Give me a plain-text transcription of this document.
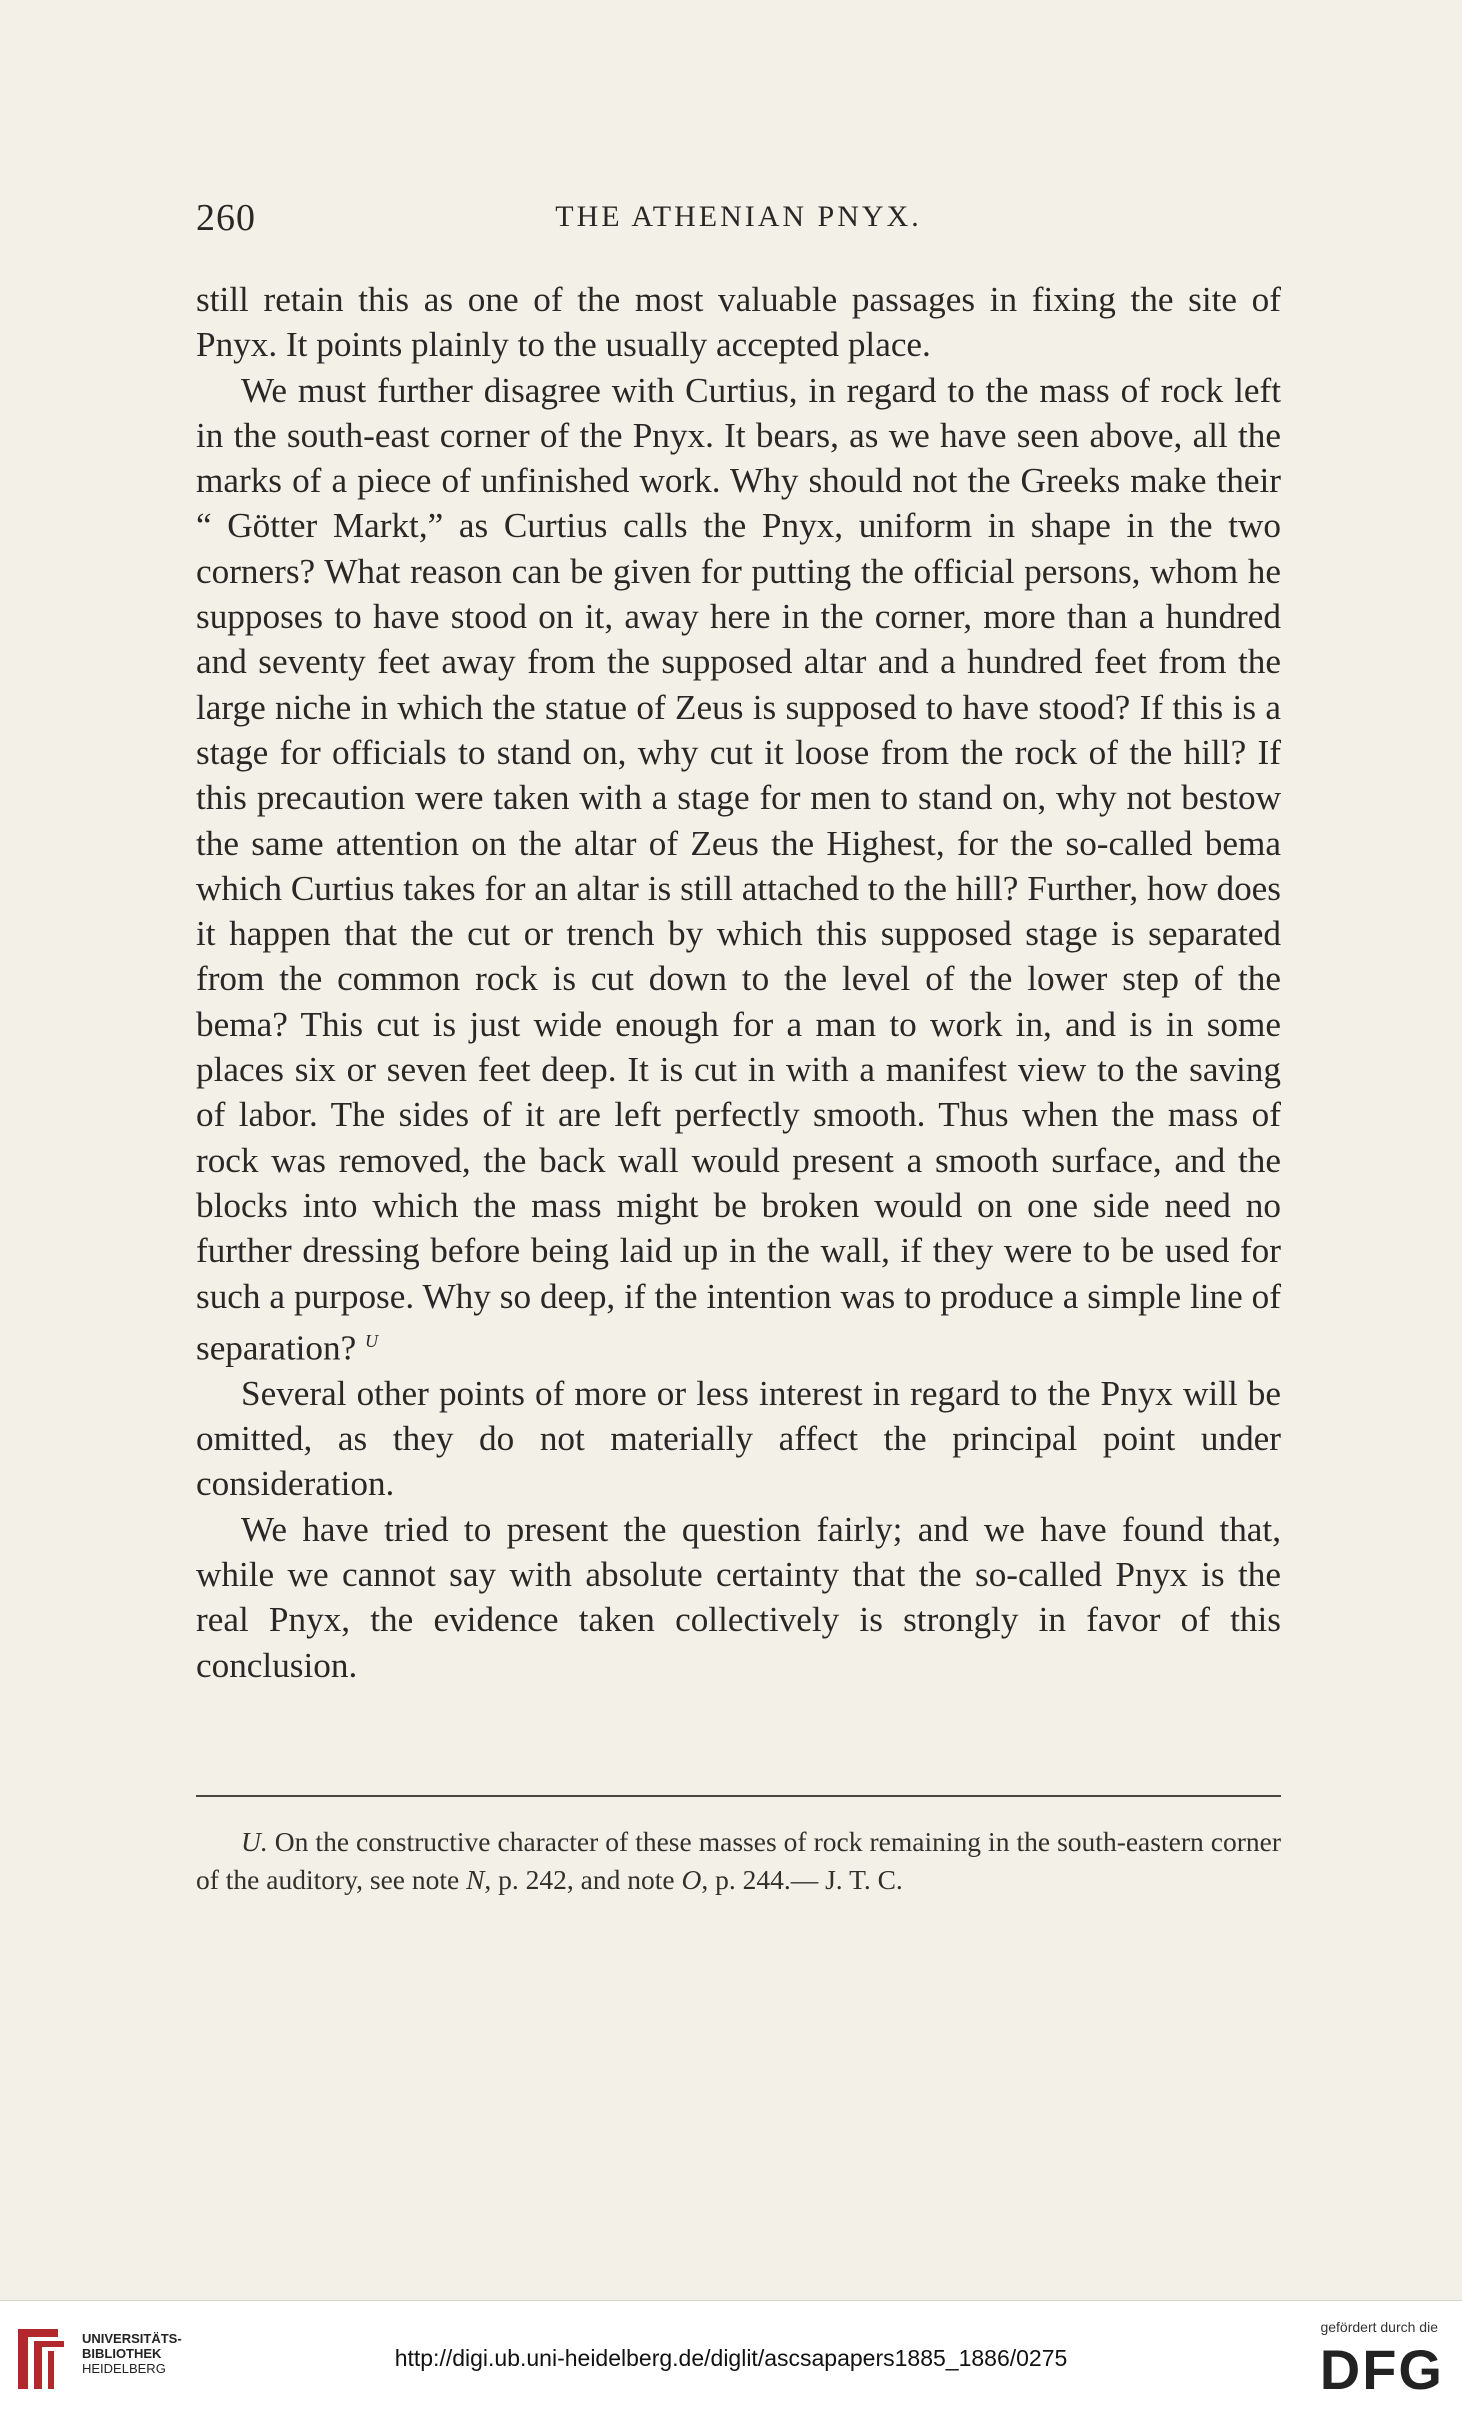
260	THE ATHENIAN PNYX.

still retain this as one of the most valuable passages in fixing the site of Pnyx. It points plainly to the usually accepted place.

We must further disagree with Curtius, in regard to the mass of rock left in the south-east corner of the Pnyx. It bears, as we have seen above, all the marks of a piece of unfinished work. Why should not the Greeks make their “ Götter Markt,” as Curtius calls the Pnyx, uniform in shape in the two corners? What reason can be given for putting the official persons, whom he supposes to have stood on it, away here in the corner, more than a hundred and seventy feet away from the supposed altar and a hundred feet from the large niche in which the statue of Zeus is supposed to have stood? If this is a stage for officials to stand on, why cut it loose from the rock of the hill? If this precaution were taken with a stage for men to stand on, why not bestow the same attention on the altar of Zeus the Highest, for the so-called bema which Curtius takes for an altar is still attached to the hill? Further, how does it happen that the cut or trench by which this supposed stage is separated from the common rock is cut down to the level of the lower step of the bema? This cut is just wide enough for a man to work in, and is in some places six or seven feet deep. It is cut in with a manifest view to the saving of labor. The sides of it are left perfectly smooth. Thus when the mass of rock was removed, the back wall would present a smooth surface, and the blocks into which the mass might be broken would on one side need no further dressing before being laid up in the wall, if they were to be used for such a purpose. Why so deep, if the intention was to produce a simple line of separation? $^U$

Several other points of more or less interest in regard to the Pnyx will be omitted, as they do not materially affect the principal point under consideration.

We have tried to present the question fairly; and we have found that, while we cannot say with absolute certainty that the so-called Pnyx is the real Pnyx, the evidence taken collectively is strongly in favor of this conclusion.

U. On the constructive character of these masses of rock remaining in the south-eastern corner of the auditory, see note N, p. 242, and note O, p. 244.— J. T. C.

UNIVERSITÄTS-
BIBLIOTHEK
HEIDELBERG	http://digi.ub.uni-heidelberg.de/diglit/ascsapapers1885_1886/0275
gefördert durch die
DFG
